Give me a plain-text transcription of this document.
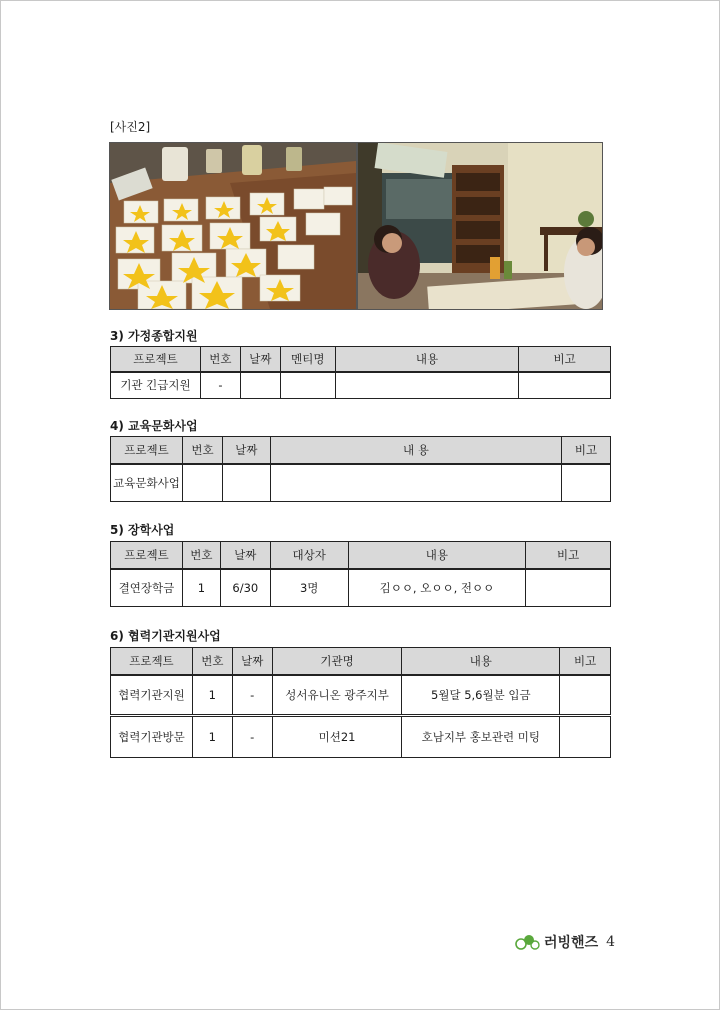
[사진2]
3) 가정종합지원
프로젝트	번호	날짜	멘티명	내용	비고
기관 긴급지원	-				
4) 교육문화사업
프로젝트	번호	날짜	내 용	비고
교육문화사업				
5) 장학사업
프로젝트	번호	날짜	대상자	내용	비고
결연장학금	1	6/30	3명	김ㅇㅇ, 오ㅇㅇ, 전ㅇㅇ	
6) 협력기관지원사업
프로젝트	번호	날짜	기관명	내용	비고
협력기관지원	1	-	성서유니온 광주지부	5월달 5,6월분 입금	
협력기관방문	1	-	미션21	호남지부 홍보관련 미팅	
러빙핸즈 4
